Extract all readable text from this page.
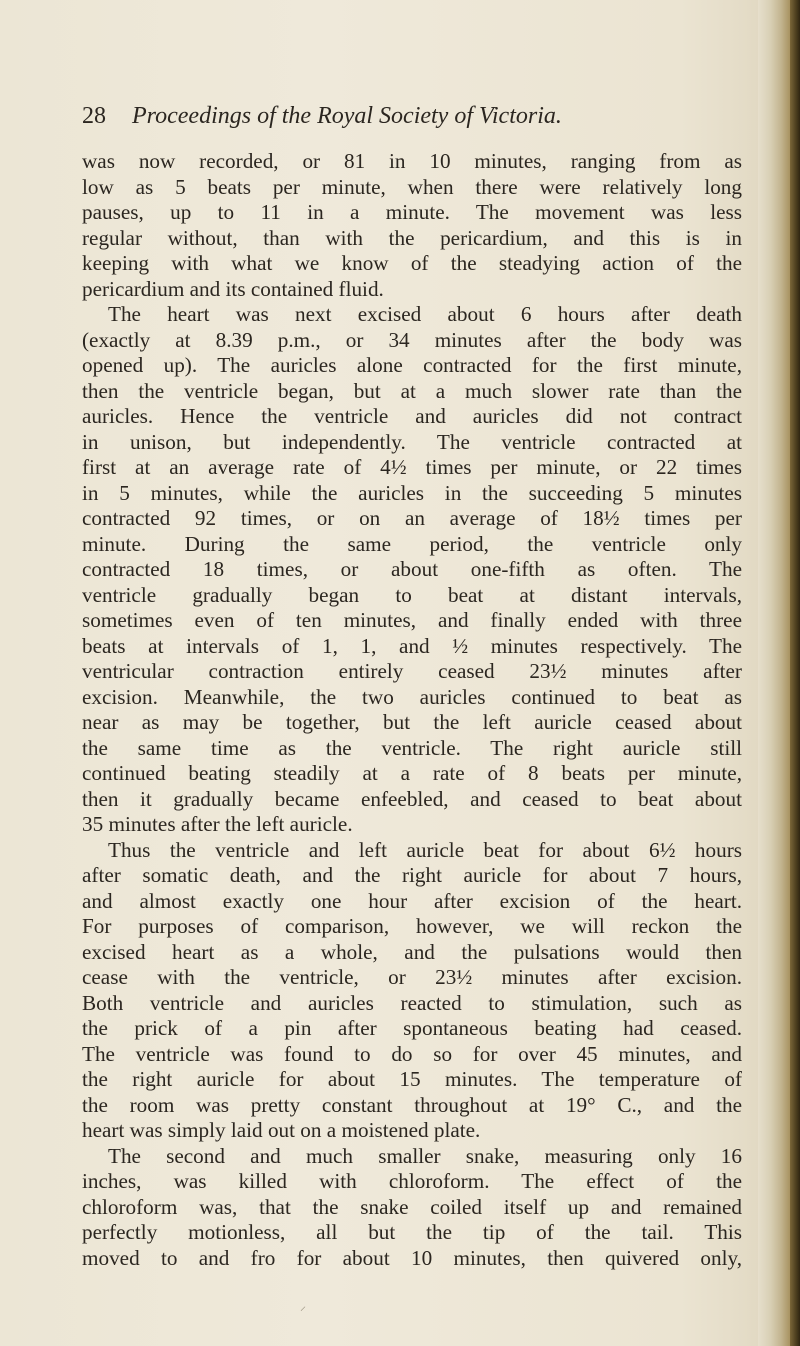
28 Proceedings of the Royal Society of Victoria.
was now recorded, or 81 in 10 minutes, ranging from as
low as 5 beats per minute, when there were relatively long
pauses, up to 11 in a minute. The movement was less
regular without, than with the pericardium, and this is in
keeping with what we know of the steadying action of the
pericardium and its contained fluid.
The heart was next excised about 6 hours after death
(exactly at 8.39 p.m., or 34 minutes after the body was
opened up). The auricles alone contracted for the first minute,
then the ventricle began, but at a much slower rate than the
auricles. Hence the ventricle and auricles did not contract
in unison, but independently. The ventricle contracted at
first at an average rate of 4½ times per minute, or 22 times
in 5 minutes, while the auricles in the succeeding 5 minutes
contracted 92 times, or on an average of 18½ times per
minute. During the same period, the ventricle only
contracted 18 times, or about one-fifth as often. The
ventricle gradually began to beat at distant intervals,
sometimes even of ten minutes, and finally ended with three
beats at intervals of 1, 1, and ½ minutes respectively. The
ventricular contraction entirely ceased 23½ minutes after
excision. Meanwhile, the two auricles continued to beat as
near as may be together, but the left auricle ceased about
the same time as the ventricle. The right auricle still
continued beating steadily at a rate of 8 beats per minute,
then it gradually became enfeebled, and ceased to beat about
35 minutes after the left auricle.
Thus the ventricle and left auricle beat for about 6½ hours
after somatic death, and the right auricle for about 7 hours,
and almost exactly one hour after excision of the heart.
For purposes of comparison, however, we will reckon the
excised heart as a whole, and the pulsations would then
cease with the ventricle, or 23½ minutes after excision.
Both ventricle and auricles reacted to stimulation, such as
the prick of a pin after spontaneous beating had ceased.
The ventricle was found to do so for over 45 minutes, and
the right auricle for about 15 minutes. The temperature of
the room was pretty constant throughout at 19° C., and the
heart was simply laid out on a moistened plate.
The second and much smaller snake, measuring only 16
inches, was killed with chloroform. The effect of the
chloroform was, that the snake coiled itself up and remained
perfectly motionless, all but the tip of the tail. This
moved to and fro for about 10 minutes, then quivered only,
⸝
